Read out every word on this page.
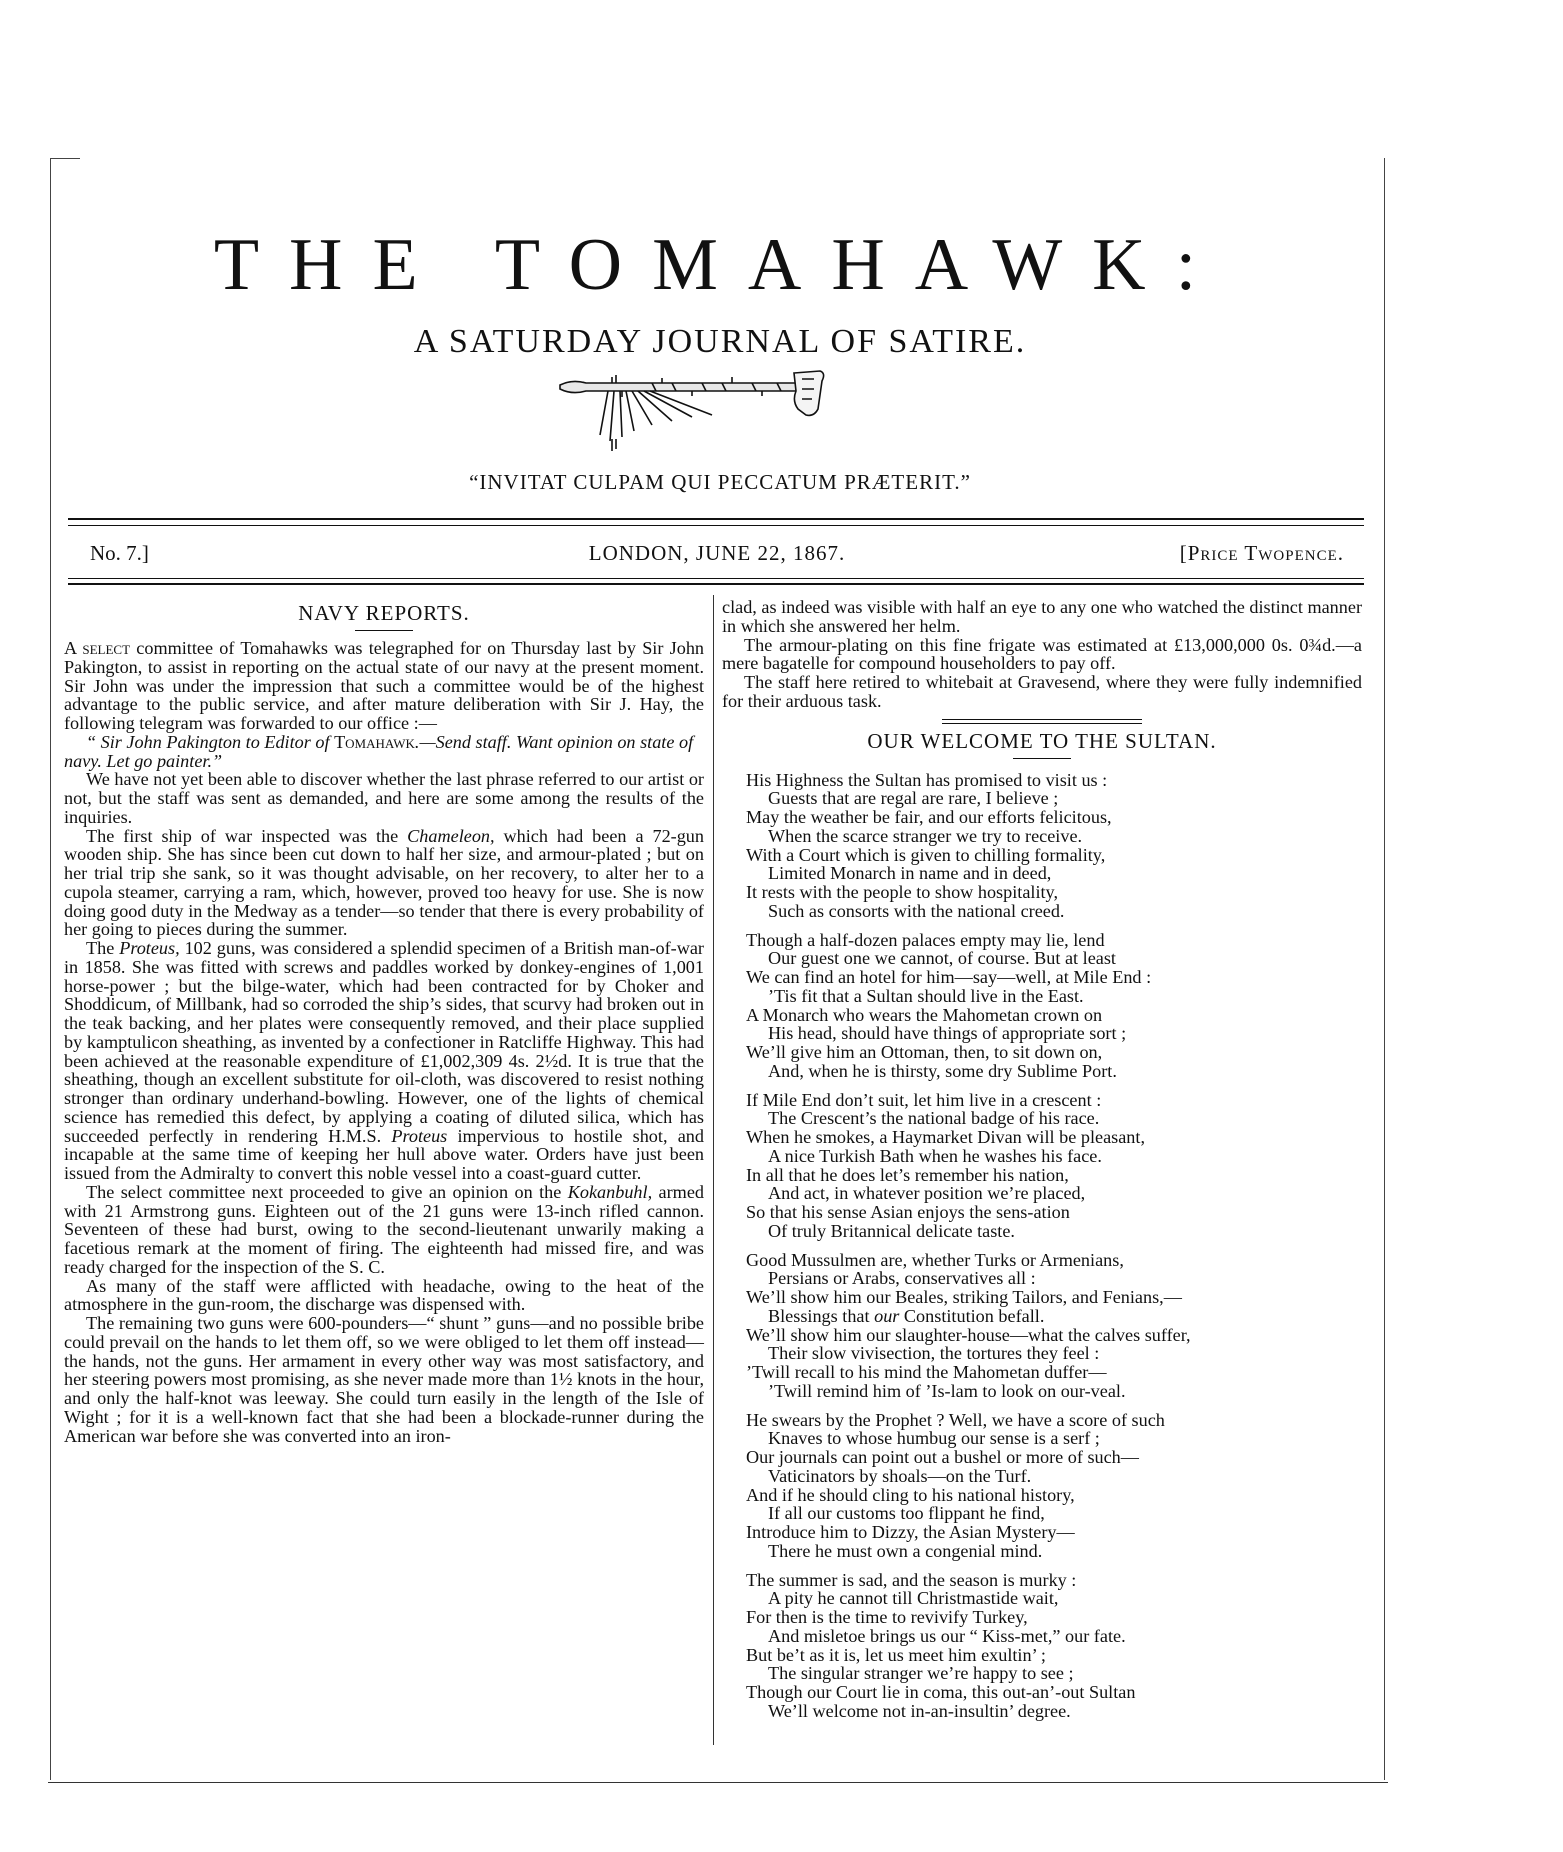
THE TOMAHAWK:
A SATURDAY JOURNAL OF SATIRE.
“INVITAT CULPAM QUI PECCATUM PRÆTERIT.”
No. 7.]	LONDON, JUNE 22, 1867.	[Price Twopence.
NAVY REPORTS.

A select committee of Tomahawks was telegraphed for on Thursday last by Sir John Pakington, to assist in reporting on the actual state of our navy at the present moment. Sir John was under the impression that such a committee would be of the highest advantage to the public service, and after mature deliberation with Sir J. Hay, the following telegram was forwarded to our office :—

“ Sir John Pakington to Editor of Tomahawk.—Send staff. Want opinion on state of navy. Let go painter.”

We have not yet been able to discover whether the last phrase referred to our artist or not, but the staff was sent as demanded, and here are some among the results of the inquiries.

The first ship of war inspected was the Chameleon, which had been a 72-gun wooden ship. She has since been cut down to half her size, and armour-plated ; but on her trial trip she sank, so it was thought advisable, on her recovery, to alter her to a cupola steamer, carrying a ram, which, however, proved too heavy for use. She is now doing good duty in the Medway as a tender—so tender that there is every probability of her going to pieces during the summer.

The Proteus, 102 guns, was considered a splendid specimen of a British man-of-war in 1858. She was fitted with screws and paddles worked by donkey-engines of 1,001 horse-power ; but the bilge-water, which had been contracted for by Choker and Shoddicum, of Millbank, had so corroded the ship’s sides, that scurvy had broken out in the teak backing, and her plates were consequently removed, and their place supplied by kamptulicon sheathing, as invented by a confectioner in Ratcliffe Highway. This had been achieved at the reasonable expenditure of £1,002,309 4s. 2½d. It is true that the sheathing, though an excellent substitute for oil-cloth, was discovered to resist nothing stronger than ordinary underhand-bowling. However, one of the lights of chemical science has remedied this defect, by applying a coating of diluted silica, which has succeeded perfectly in rendering H.M.S. Proteus impervious to hostile shot, and incapable at the same time of keeping her hull above water. Orders have just been issued from the Admiralty to convert this noble vessel into a coast-guard cutter.

The select committee next proceeded to give an opinion on the Kokanbuhl, armed with 21 Armstrong guns. Eighteen out of the 21 guns were 13-inch rifled cannon. Seventeen of these had burst, owing to the second-lieutenant unwarily making a facetious remark at the moment of firing. The eighteenth had missed fire, and was ready charged for the inspection of the S. C.

As many of the staff were afflicted with headache, owing to the heat of the atmosphere in the gun-room, the discharge was dispensed with.

The remaining two guns were 600-pounders—“ shunt ” guns—and no possible bribe could prevail on the hands to let them off, so we were obliged to let them off instead—the hands, not the guns. Her armament in every other way was most satisfactory, and her steering powers most promising, as she never made more than 1½ knots in the hour, and only the half-knot was leeway. She could turn easily in the length of the Isle of Wight ; for it is a well-known fact that she had been a blockade-runner during the American war before she was converted into an iron-

clad, as indeed was visible with half an eye to any one who watched the distinct manner in which she answered her helm.

The armour-plating on this fine frigate was estimated at £13,000,000 0s. 0¾d.—a mere bagatelle for compound householders to pay off.

The staff here retired to whitebait at Gravesend, where they were fully indemnified for their arduous task.

OUR WELCOME TO THE SULTAN.
His Highness the Sultan has promised to visit us :
Guests that are regal are rare, I believe ;
May the weather be fair, and our efforts felicitous,
When the scarce stranger we try to receive.
With a Court which is given to chilling formality,
Limited Monarch in name and in deed,
It rests with the people to show hospitality,
Such as consorts with the national creed.
Though a half-dozen palaces empty may lie, lend
Our guest one we cannot, of course. But at least
We can find an hotel for him—say—well, at Mile End :
’Tis fit that a Sultan should live in the East.
A Monarch who wears the Mahometan crown on
His head, should have things of appropriate sort ;
We’ll give him an Ottoman, then, to sit down on,
And, when he is thirsty, some dry Sublime Port.
If Mile End don’t suit, let him live in a crescent :
The Crescent’s the national badge of his race.
When he smokes, a Haymarket Divan will be pleasant,
A nice Turkish Bath when he washes his face.
In all that he does let’s remember his nation,
And act, in whatever position we’re placed,
So that his sense Asian enjoys the sens-ation
Of truly Britannical delicate taste.
Good Mussulmen are, whether Turks or Armenians,
Persians or Arabs, conservatives all :
We’ll show him our Beales, striking Tailors, and Fenians,—
Blessings that our Constitution befall.
We’ll show him our slaughter-house—what the calves suffer,
Their slow vivisection, the tortures they feel :
’Twill recall to his mind the Mahometan duffer—
’Twill remind him of ’Is-lam to look on our-veal.
He swears by the Prophet ? Well, we have a score of such
Knaves to whose humbug our sense is a serf ;
Our journals can point out a bushel or more of such—
Vaticinators by shoals—on the Turf.
And if he should cling to his national history,
If all our customs too flippant he find,
Introduce him to Dizzy, the Asian Mystery—
There he must own a congenial mind.
The summer is sad, and the season is murky :
A pity he cannot till Christmastide wait,
For then is the time to revivify Turkey,
And misletoe brings us our “ Kiss-met,” our fate.
But be’t as it is, let us meet him exultin’ ;
The singular stranger we’re happy to see ;
Though our Court lie in coma, this out-an’-out Sultan
We’ll welcome not in-an-insultin’ degree.
